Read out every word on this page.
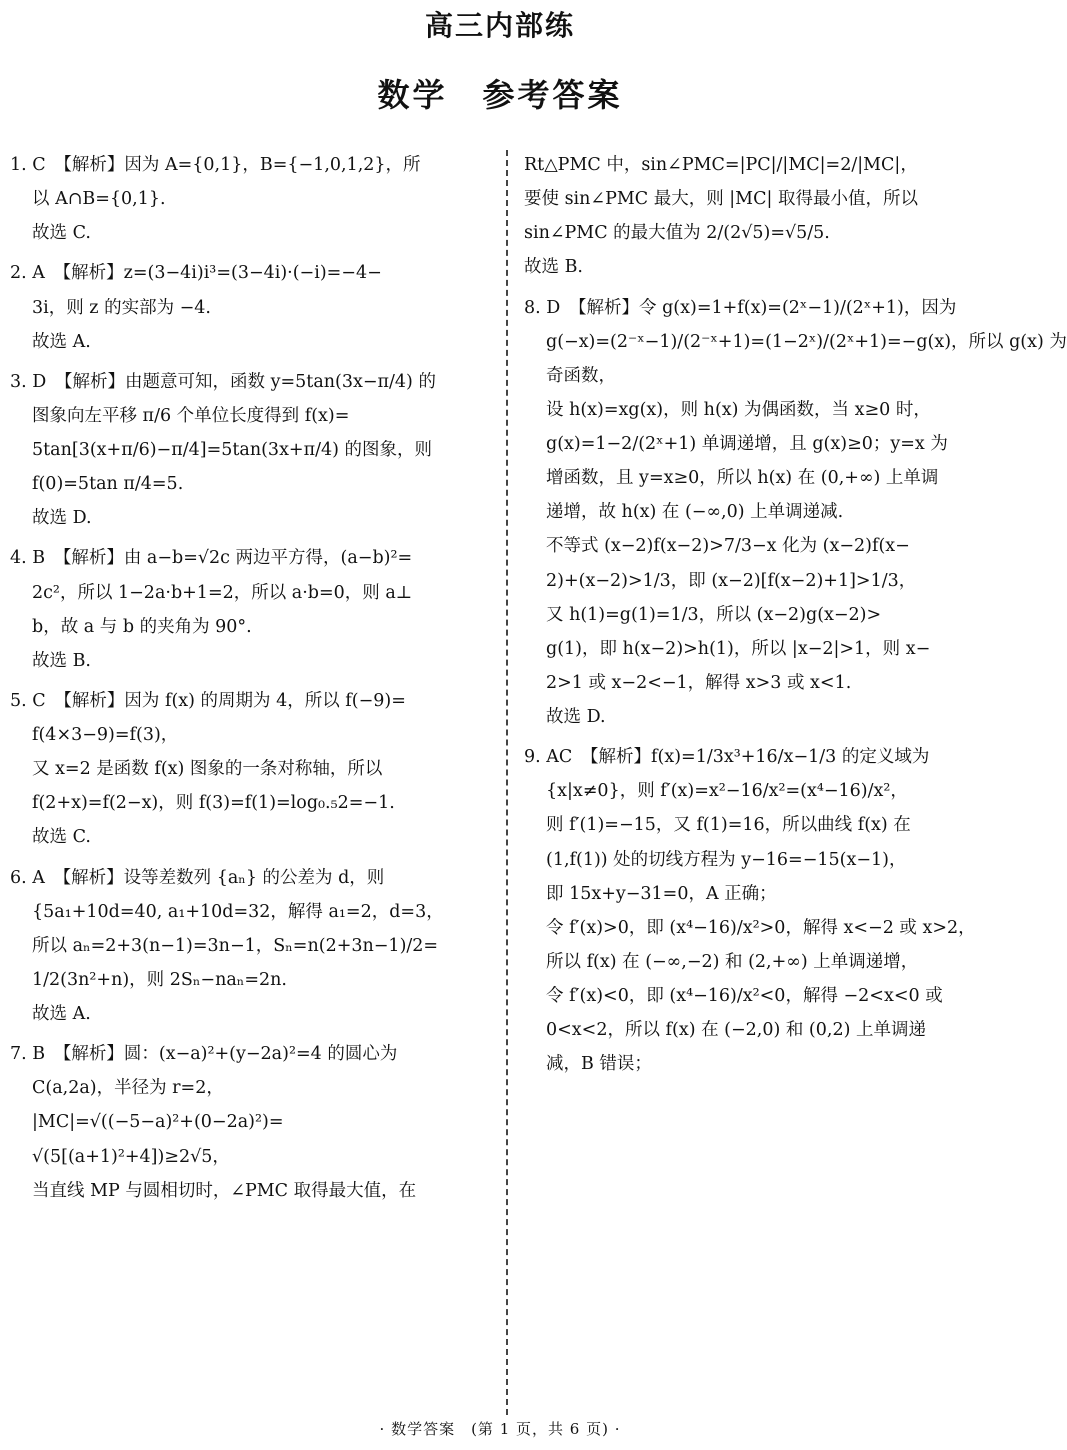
高三内部练
数学　参考答案
1. C　【解析】因为 A={0,1}，B={−1,0,1,2}，所
以 A∩B={0,1}.
故选 C.
2. A　【解析】z=(3−4i)i³=(3−4i)·(−i)=−4−
3i，则 z 的实部为 −4.
故选 A.
3. D　【解析】由题意可知，函数 y=5tan(3x−π/4) 的
图象向左平移 π/6 个单位长度得到 f(x)=
5tan[3(x+π/6)−π/4]=5tan(3x+π/4) 的图象，则
f(0)=5tan π/4=5.
故选 D.
4. B　【解析】由 a−b=√2c 两边平方得，(a−b)²=
2c²，所以 1−2a·b+1=2，所以 a·b=0，则 a⊥
b，故 a 与 b 的夹角为 90°.
故选 B.
5. C　【解析】因为 f(x) 的周期为 4，所以 f(−9)=
f(4×3−9)=f(3)，
又 x=2 是函数 f(x) 图象的一条对称轴，所以
f(2+x)=f(2−x)，则 f(3)=f(1)=log₀.₅2=−1.
故选 C.
6. A　【解析】设等差数列 {aₙ} 的公差为 d，则
{5a₁+10d=40, a₁+10d=32，解得 a₁=2，d=3，
所以 aₙ=2+3(n−1)=3n−1，Sₙ=n(2+3n−1)/2=
1/2(3n²+n)，则 2Sₙ−naₙ=2n.
故选 A.
7. B　【解析】圆：(x−a)²+(y−2a)²=4 的圆心为
C(a,2a)，半径为 r=2，
|MC|=√((−5−a)²+(0−2a)²)=
√(5[(a+1)²+4])≥2√5，
当直线 MP 与圆相切时，∠PMC 取得最大值，在
Rt△PMC 中，sin∠PMC=|PC|/|MC|=2/|MC|，
要使 sin∠PMC 最大，则 |MC| 取得最小值，所以
sin∠PMC 的最大值为 2/(2√5)=√5/5.
故选 B.
8. D　【解析】令 g(x)=1+f(x)=(2ˣ−1)/(2ˣ+1)，因为
g(−x)=(2⁻ˣ−1)/(2⁻ˣ+1)=(1−2ˣ)/(2ˣ+1)=−g(x)，所以 g(x) 为
奇函数，
设 h(x)=xg(x)，则 h(x) 为偶函数，当 x≥0 时，
g(x)=1−2/(2ˣ+1) 单调递增，且 g(x)≥0；y=x 为
增函数，且 y=x≥0，所以 h(x) 在 (0,+∞) 上单调
递增，故 h(x) 在 (−∞,0) 上单调递减.
不等式 (x−2)f(x−2)>7/3−x 化为 (x−2)f(x−
2)+(x−2)>1/3，即 (x−2)[f(x−2)+1]>1/3，
又 h(1)=g(1)=1/3，所以 (x−2)g(x−2)>
g(1)，即 h(x−2)>h(1)，所以 |x−2|>1，则 x−
2>1 或 x−2<−1，解得 x>3 或 x<1.
故选 D.
9. AC　【解析】f(x)=1/3x³+16/x−1/3 的定义域为
{x|x≠0}，则 f′(x)=x²−16/x²=(x⁴−16)/x²，
则 f′(1)=−15，又 f(1)=16，所以曲线 f(x) 在
(1,f(1)) 处的切线方程为 y−16=−15(x−1)，
即 15x+y−31=0，A 正确；
令 f′(x)>0，即 (x⁴−16)/x²>0，解得 x<−2 或 x>2，
所以 f(x) 在 (−∞,−2) 和 (2,+∞) 上单调递增，
令 f′(x)<0，即 (x⁴−16)/x²<0，解得 −2<x<0 或
0<x<2，所以 f(x) 在 (−2,0) 和 (0,2) 上单调递
减，B 错误；
· 数学答案　(第 1 页，共 6 页) ·
